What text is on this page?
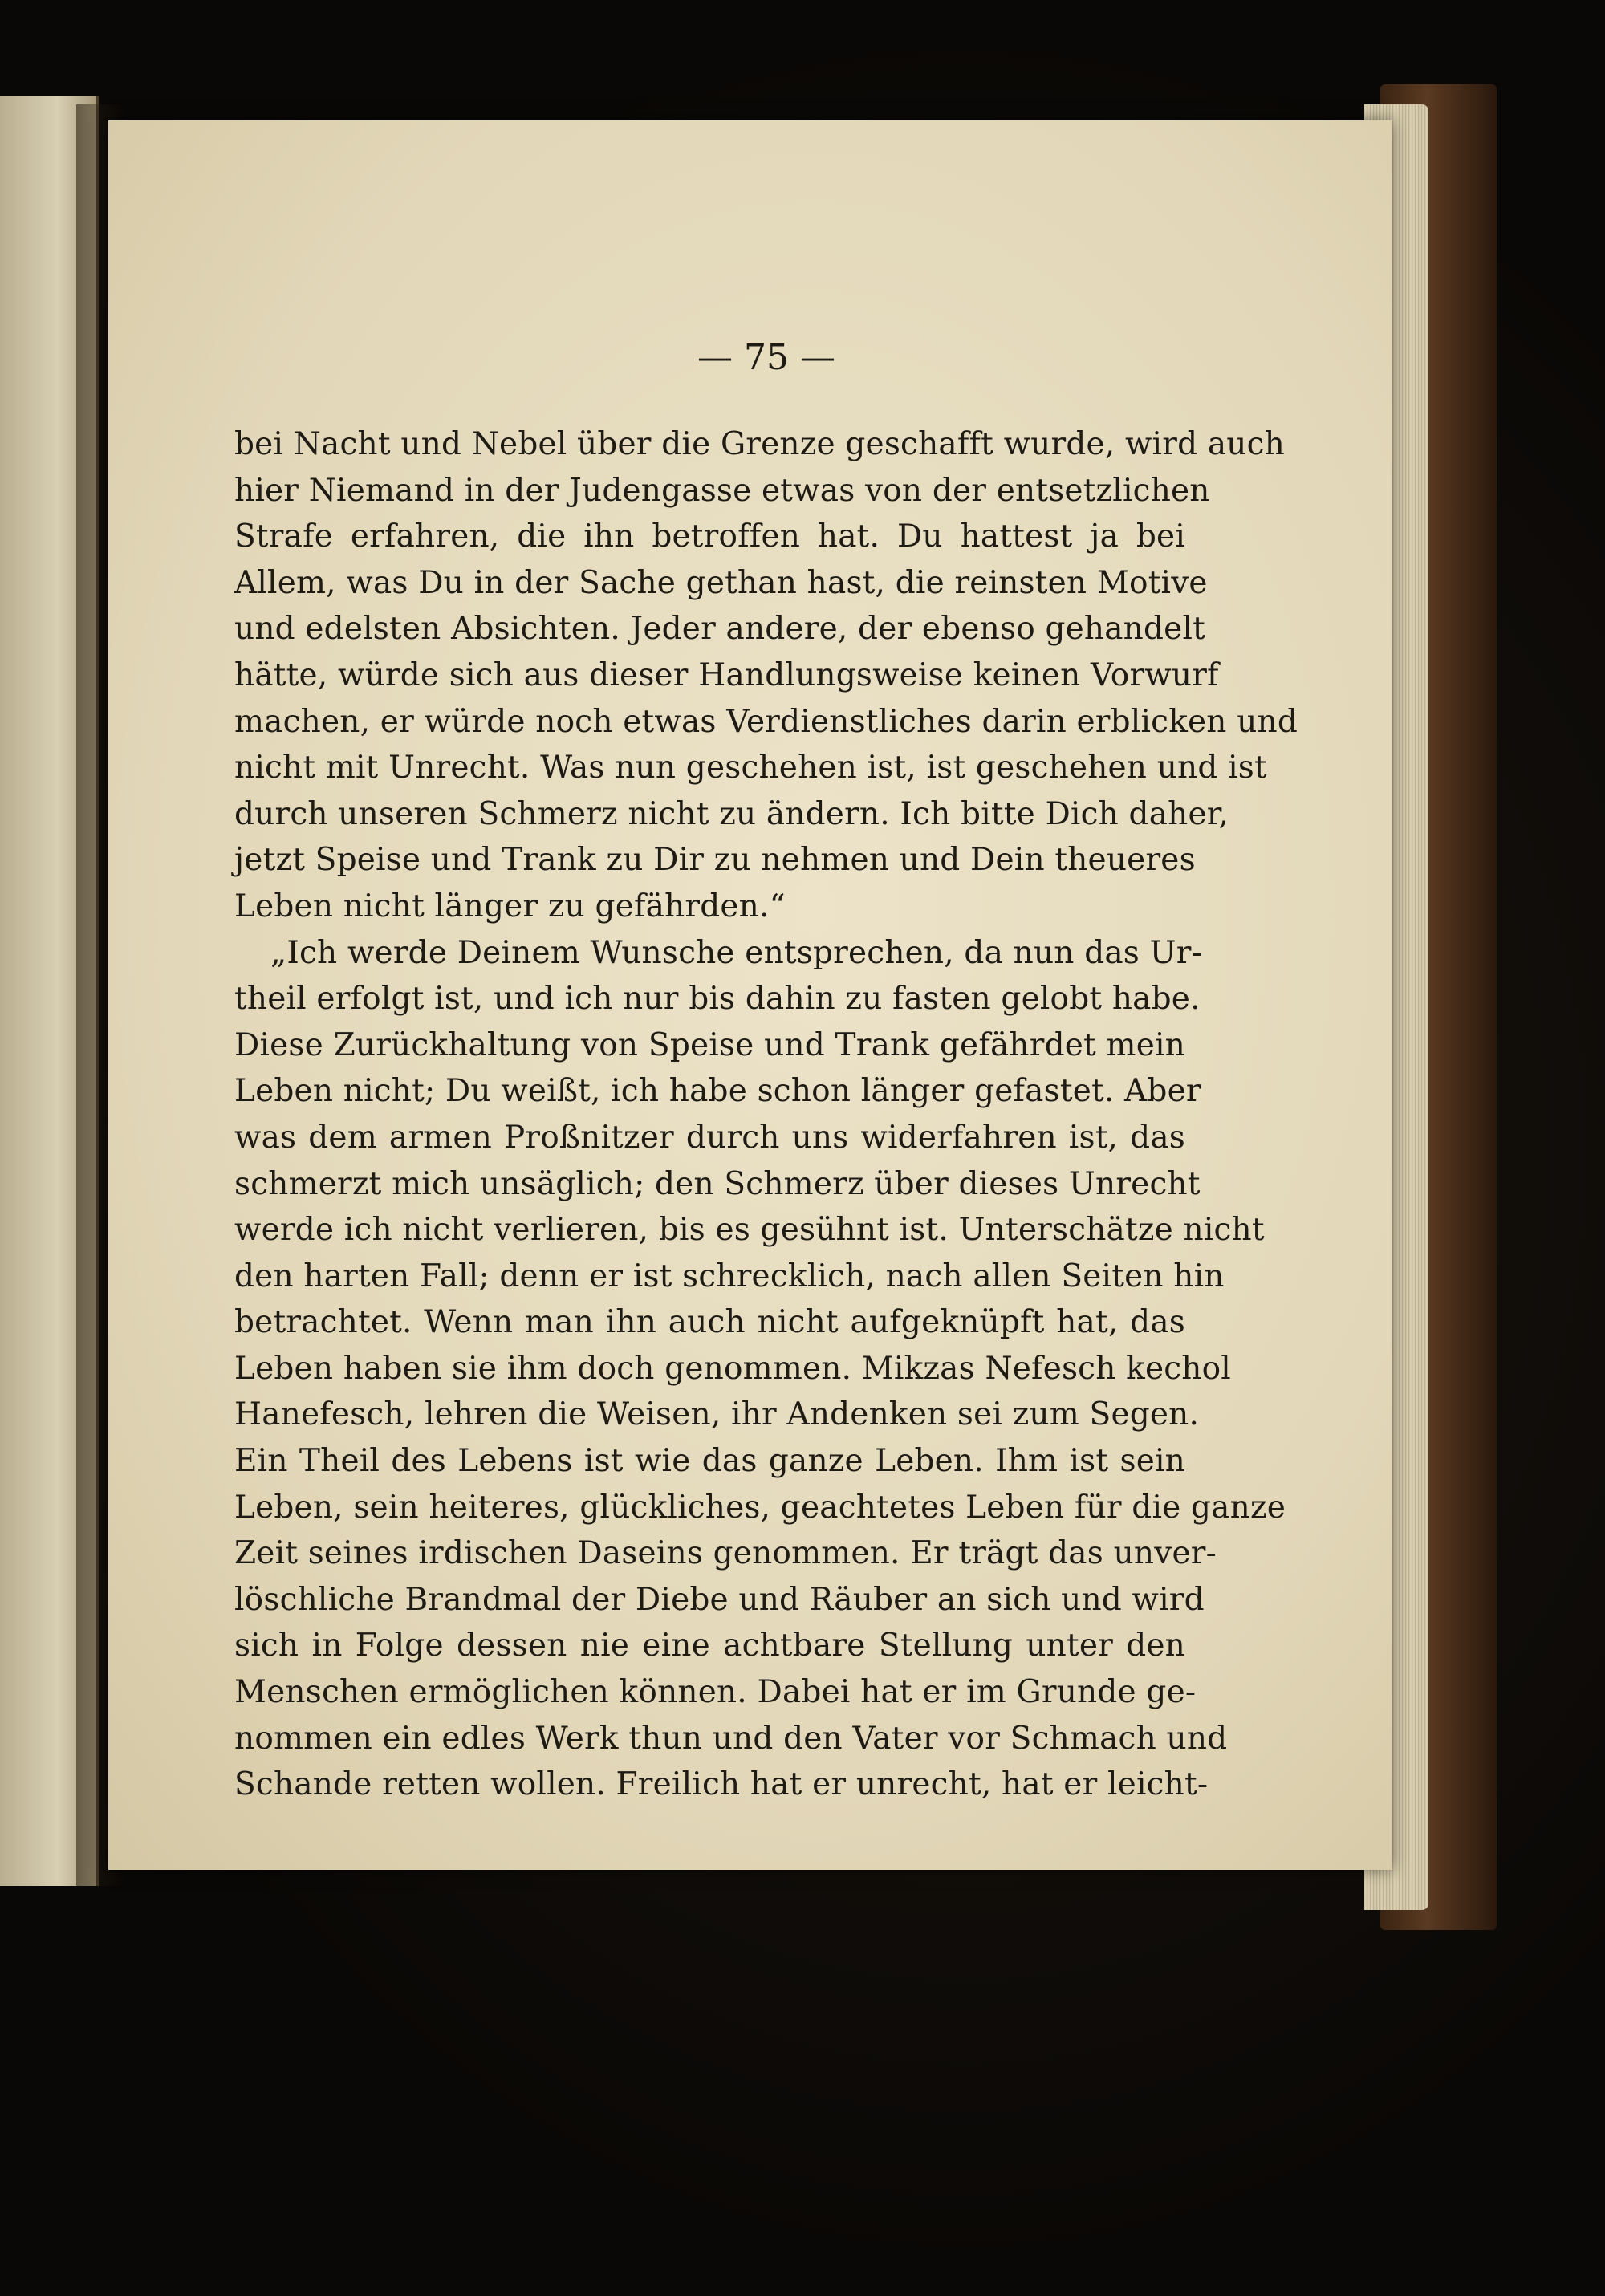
— 75 —
bei Nacht und Nebel über die Grenze geschafft wurde, wird auch
hier Niemand in der Judengasse etwas von der entsetzlichen
Strafe erfahren, die ihn betroffen hat. Du hattest ja bei
Allem, was Du in der Sache gethan hast, die reinsten Motive
und edelsten Absichten. Jeder andere, der ebenso gehandelt
hätte, würde sich aus dieser Handlungsweise keinen Vorwurf
machen, er würde noch etwas Verdienstliches darin erblicken und
nicht mit Unrecht. Was nun geschehen ist, ist geschehen und ist
durch unseren Schmerz nicht zu ändern. Ich bitte Dich daher,
jetzt Speise und Trank zu Dir zu nehmen und Dein theueres
Leben nicht länger zu gefährden.“
„Ich werde Deinem Wunsche entsprechen, da nun das Ur-
theil erfolgt ist, und ich nur bis dahin zu fasten gelobt habe.
Diese Zurückhaltung von Speise und Trank gefährdet mein
Leben nicht; Du weißt, ich habe schon länger gefastet. Aber
was dem armen Proßnitzer durch uns widerfahren ist, das
schmerzt mich unsäglich; den Schmerz über dieses Unrecht
werde ich nicht verlieren, bis es gesühnt ist. Unterschätze nicht
den harten Fall; denn er ist schrecklich, nach allen Seiten hin
betrachtet. Wenn man ihn auch nicht aufgeknüpft hat, das
Leben haben sie ihm doch genommen. Mikzas Nefesch kechol
Hanefesch, lehren die Weisen, ihr Andenken sei zum Segen.
Ein Theil des Lebens ist wie das ganze Leben. Ihm ist sein
Leben, sein heiteres, glückliches, geachtetes Leben für die ganze
Zeit seines irdischen Daseins genommen. Er trägt das unver-
löschliche Brandmal der Diebe und Räuber an sich und wird
sich in Folge dessen nie eine achtbare Stellung unter den
Menschen ermöglichen können. Dabei hat er im Grunde ge-
nommen ein edles Werk thun und den Vater vor Schmach und
Schande retten wollen. Freilich hat er unrecht, hat er leicht-
